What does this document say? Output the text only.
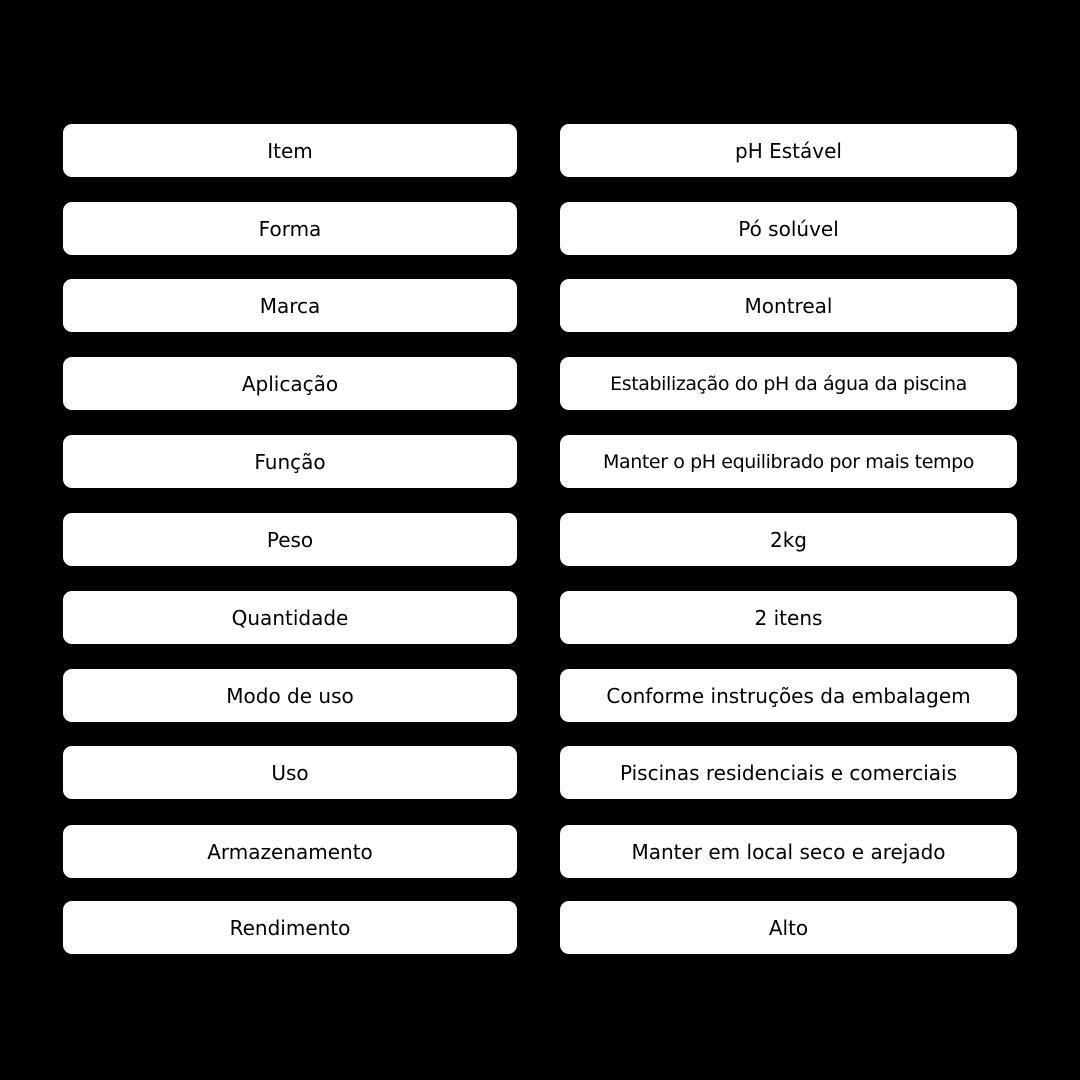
Item	pH Estável
Forma	Pó solúvel
Marca	Montreal
Aplicação	Estabilização do pH da água da piscina
Função	Manter o pH equilibrado por mais tempo
Peso	2kg
Quantidade	2 itens
Modo de uso	Conforme instruções da embalagem
Uso	Piscinas residenciais e comerciais
Armazenamento	Manter em local seco e arejado
Rendimento	Alto
